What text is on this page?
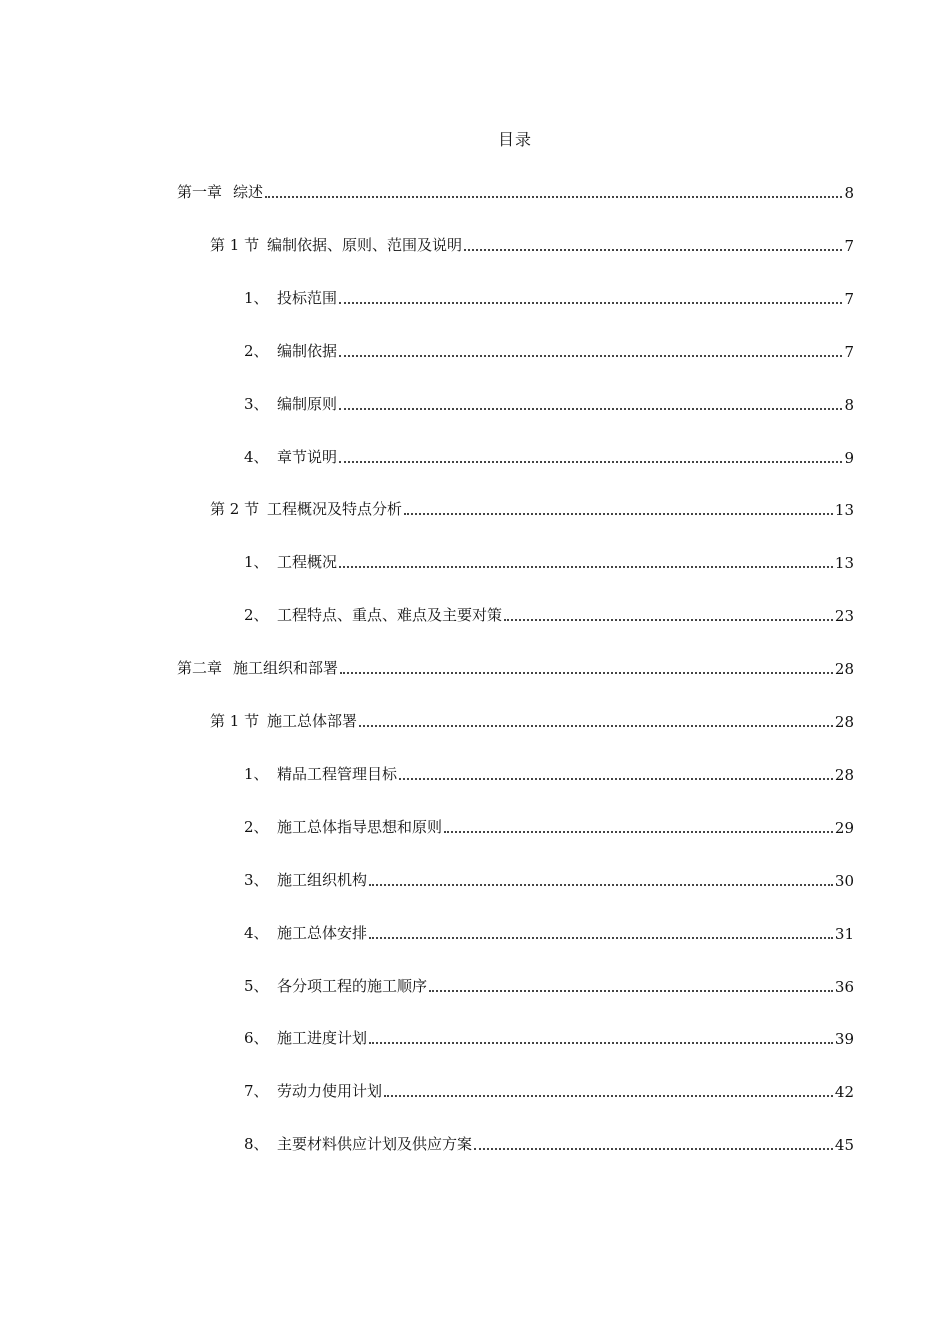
目录
第一章 综述	8
第 1 节 编制依据、原则、范围及说明	7
1、 投标范围	7
2、 编制依据	7
3、 编制原则	8
4、 章节说明	9
第 2 节 工程概况及特点分析	13
1、 工程概况	13
2、 工程特点、重点、难点及主要对策	23
第二章 施工组织和部署	28
第 1 节 施工总体部署	28
1、 精品工程管理目标	28
2、 施工总体指导思想和原则	29
3、 施工组织机构	30
4、 施工总体安排	31
5、 各分项工程的施工顺序	36
6、 施工进度计划	39
7、 劳动力使用计划	42
8、 主要材料供应计划及供应方案	45
